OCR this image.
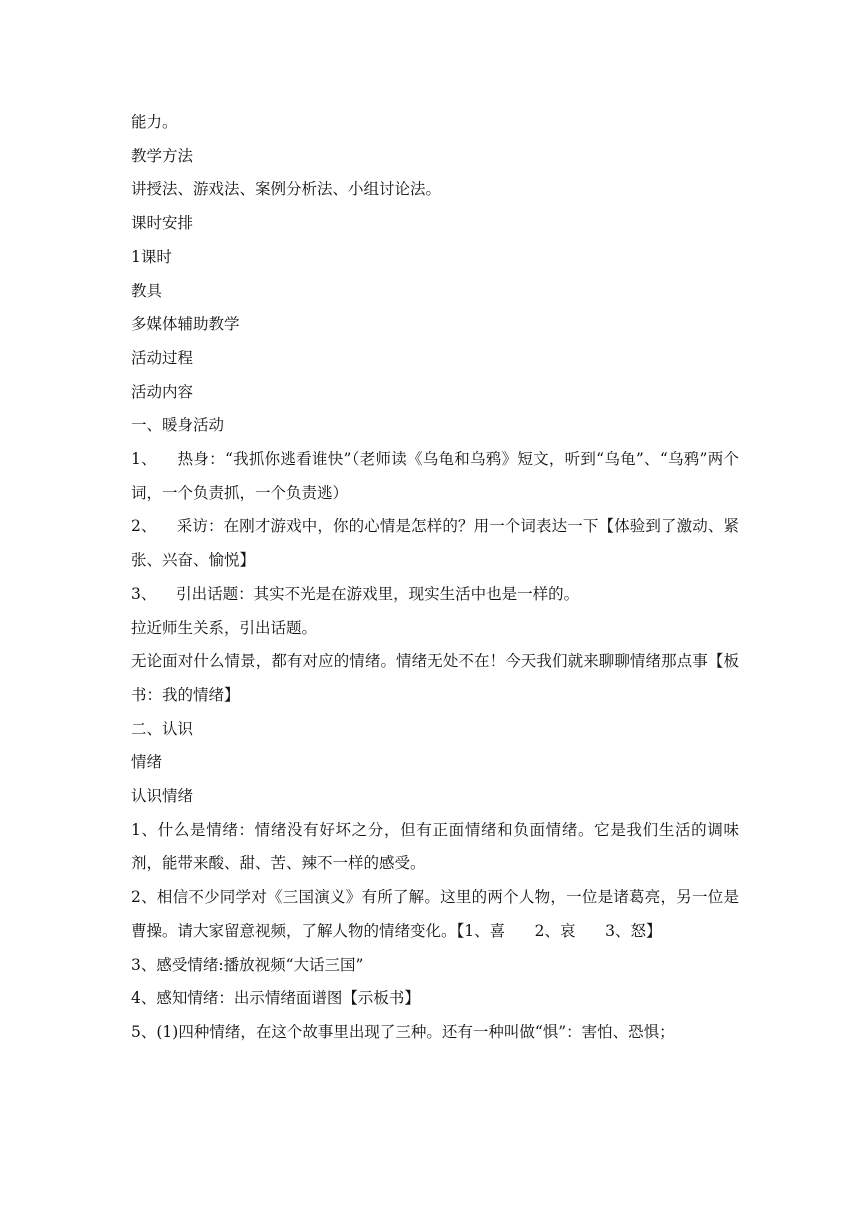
能力。

教学方法

讲授法、游戏法、案例分析法、小组讨论法。

课时安排

1课时

教具

多媒体辅助教学

活动过程

活动内容

一、暖身活动

1、    热身：“我抓你逃看谁快”（老师读《乌龟和乌鸦》短文，听到“乌龟”、“乌鸦”两个词，一个负责抓，一个负责逃）

2、    采访：在刚才游戏中，你的心情是怎样的？用一个词表达一下【体验到了激动、紧张、兴奋、愉悦】

3、    引出话题：其实不光是在游戏里，现实生活中也是一样的。

拉近师生关系，引出话题。

无论面对什么情景，都有对应的情绪。情绪无处不在！今天我们就来聊聊情绪那点事【板书：我的情绪】

二、认识

情绪

认识情绪

1、什么是情绪：情绪没有好坏之分，但有正面情绪和负面情绪。它是我们生活的调味剂，能带来酸、甜、苦、辣不一样的感受。

2、相信不少同学对《三国演义》有所了解。这里的两个人物，一位是诸葛亮，另一位是曹操。请大家留意视频，了解人物的情绪变化。【1、喜      2、哀      3、怒】

3、感受情绪:播放视频“大话三国”

4、感知情绪：出示情绪面谱图【示板书】

5、(1)四种情绪，在这个故事里出现了三种。还有一种叫做“惧”：害怕、恐惧；
